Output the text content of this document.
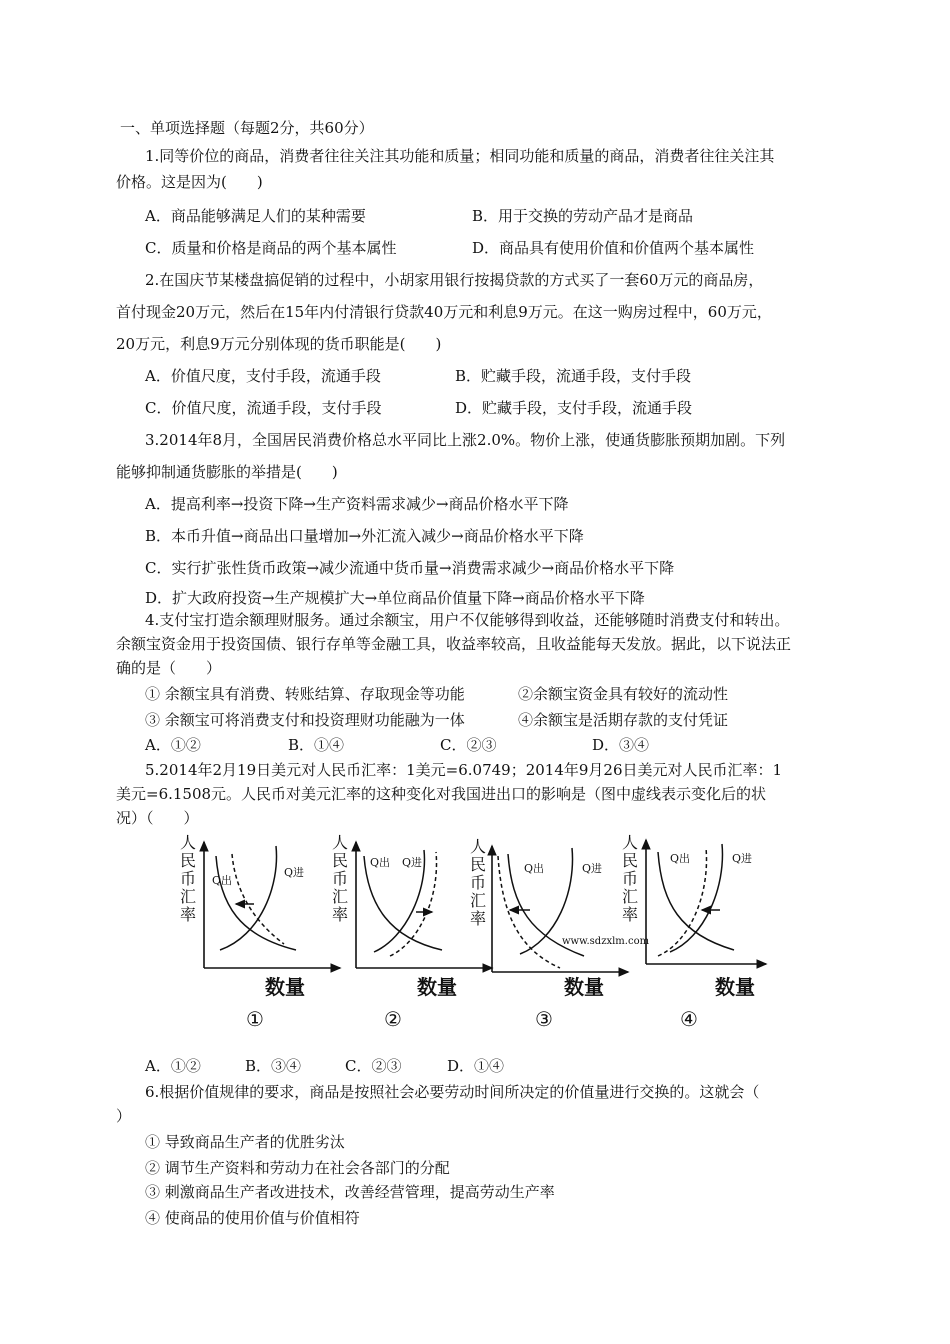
一、单项选择题（每题2分，共60分）
1.同等价位的商品，消费者往往关注其功能和质量；相同功能和质量的商品，消费者往往关注其
价格。这是因为(　　)
A．商品能够满足人们的某种需要	B．用于交换的劳动产品才是商品
C．质量和价格是商品的两个基本属性	D．商品具有使用价值和价值两个基本属性
2.在国庆节某楼盘搞促销的过程中，小胡家用银行按揭贷款的方式买了一套60万元的商品房，
首付现金20万元，然后在15年内付清银行贷款40万元和利息9万元。在这一购房过程中，60万元，
20万元，利息9万元分别体现的货币职能是(　　)
A．价值尺度，支付手段，流通手段	B．贮藏手段，流通手段，支付手段
C．价值尺度，流通手段，支付手段	D．贮藏手段，支付手段，流通手段
3.2014年8月，全国居民消费价格总水平同比上涨2.0%。物价上涨，使通货膨胀预期加剧。下列
能够抑制通货膨胀的举措是(　　)
A．提高利率→投资下降→生产资料需求减少→商品价格水平下降
B．本币升值→商品出口量增加→外汇流入减少→商品价格水平下降
C．实行扩张性货币政策→减少流通中货币量→消费需求减少→商品价格水平下降
D．扩大政府投资→生产规模扩大→单位商品价值量下降→商品价格水平下降
4.支付宝打造余额理财服务。通过余额宝，用户不仅能够得到收益，还能够随时消费支付和转出。
余额宝资金用于投资国债、银行存单等金融工具，收益率较高，且收益能每天发放。据此，以下说法正
确的是（　　）
① 余额宝具有消费、转账结算、存取现金等功能	②余额宝资金具有较好的流动性
③ 余额宝可将消费支付和投资理财功能融为一体	④余额宝是活期存款的支付凭证
A．①②	B．①④	C．②③	D．③④
5.2014年2月19日美元对人民币汇率：1美元=6.0749；2014年9月26日美元对人民币汇率：1
美元=6.1508元。人民币对美元汇率的这种变化对我国进出口的影响是（图中虚线表示变化后的状
况）（　　）
人
民
币
汇
率
Q出
Q进
数量
①
人
民
币
汇
率
Q出 Q进
数量
②
人
民
币
汇
率
Q出	Q进
www.sdzxlm.com
数量
③
人
民
币
汇
率
Q出	Q进
数量
④
A．①②	B．③④	C．②③	D．①④
6.根据价值规律的要求，商品是按照社会必要劳动时间所决定的价值量进行交换的。这就会（
）
① 导致商品生产者的优胜劣汰
② 调节生产资料和劳动力在社会各部门的分配
③ 刺激商品生产者改进技术，改善经营管理，提高劳动生产率
④ 使商品的使用价值与价值相符
